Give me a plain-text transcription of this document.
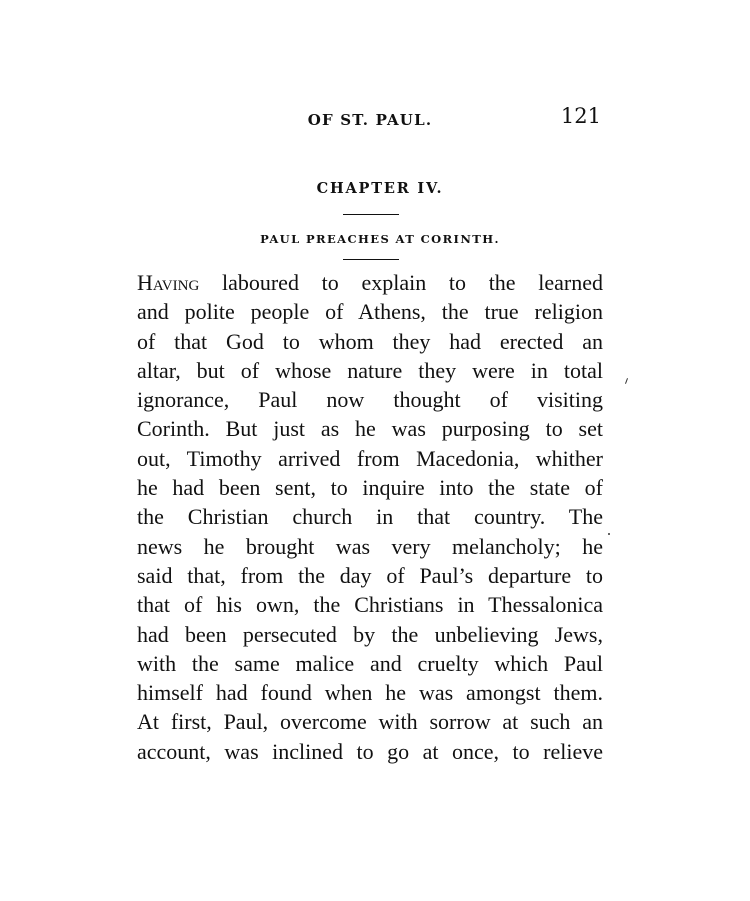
OF ST. PAUL.	121
CHAPTER IV.
PAUL PREACHES AT CORINTH.
Having laboured to explain to the learned
and polite people of Athens, the true religion
of that God to whom they had erected an
altar, but of whose nature they were in total
ignorance, Paul now thought of visiting
Corinth. But just as he was purposing to set
out, Timothy arrived from Macedonia, whither
he had been sent, to inquire into the state of
the Christian church in that country. The
news he brought was very melancholy; he
said that, from the day of Paul’s departure to
that of his own, the Christians in Thessalonica
had been persecuted by the unbelieving Jews,
with the same malice and cruelty which Paul
himself had found when he was amongst them.
At first, Paul, overcome with sorrow at such an
account, was inclined to go at once, to relieve
